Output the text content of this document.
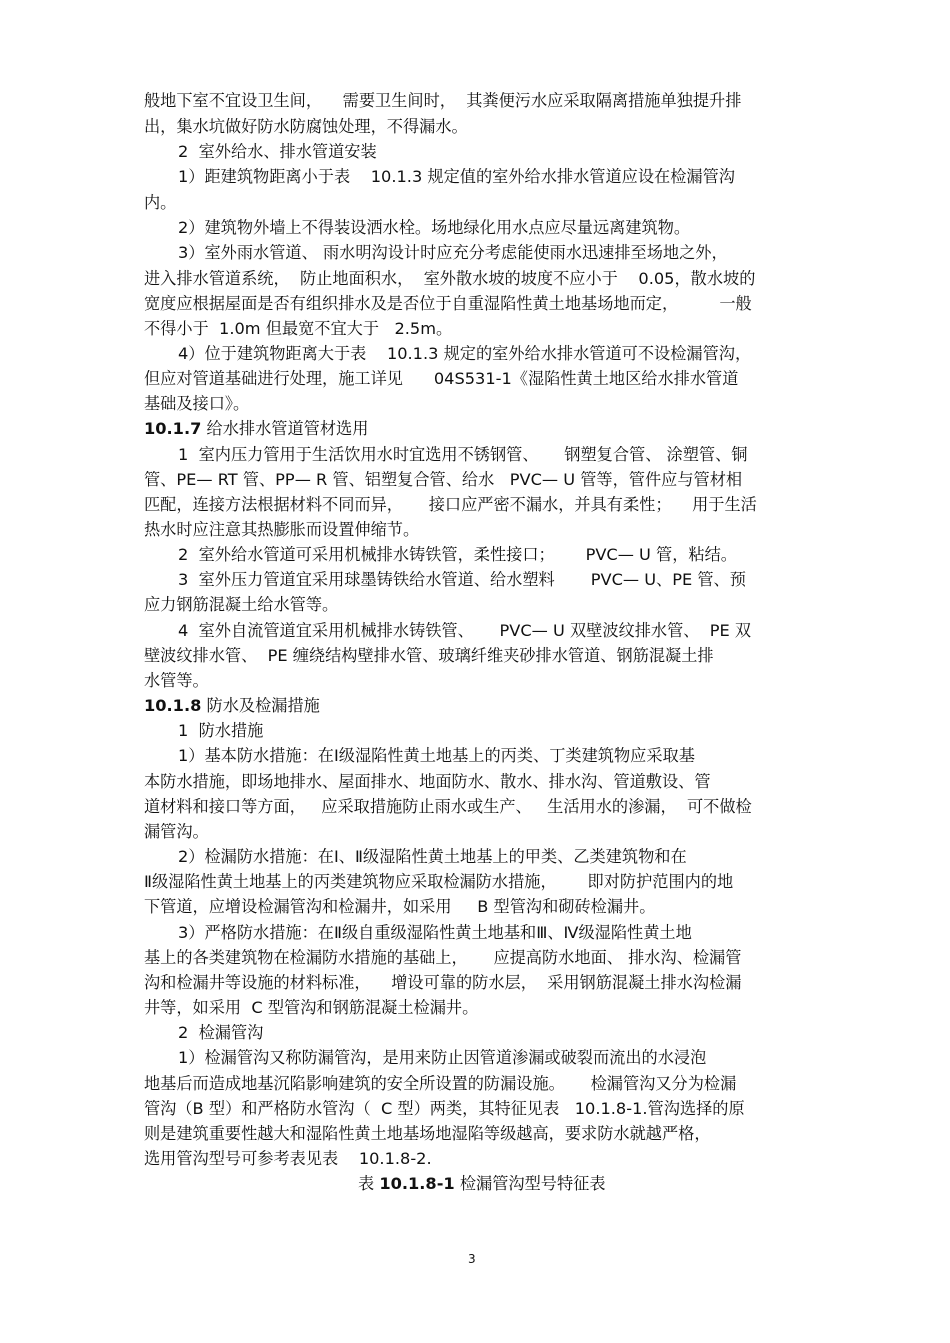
般地下室不宜设卫生间，    需要卫生间时，  其粪便污水应采取隔离措施单独提升排
出，集水坑做好防水防腐蚀处理，不得漏水。
2  室外给水、排水管道安装
1）距建筑物距离小于表    10.1.3 规定值的室外给水排水管道应设在检漏管沟
内。
2）建筑物外墙上不得装设洒水栓。场地绿化用水点应尽量远离建筑物。
3）室外雨水管道、 雨水明沟设计时应充分考虑能使雨水迅速排至场地之外，
进入排水管道系统，  防止地面积水，  室外散水坡的坡度不应小于    0.05，散水坡的
宽度应根据屋面是否有组织排水及是否位于自重湿陷性黄土地基场地而定，        一般
不得小于  1.0m 但最宽不宜大于   2.5m。
4）位于建筑物距离大于表    10.1.3 规定的室外给水排水管道可不设检漏管沟，
但应对管道基础进行处理，施工详见      04S531-1《湿陷性黄土地区给水排水管道
基础及接口》。
10.1.7 给水排水管道管材选用
1  室内压力管用于生活饮用水时宜选用不锈钢管、     钢塑复合管、 涂塑管、铜
管、PE— RT 管、PP— R 管、铝塑复合管、给水   PVC— U 管等，管件应与管材相
匹配，连接方法根据材料不同而异，     接口应严密不漏水，并具有柔性；    用于生活
热水时应注意其热膨胀而设置伸缩节。
2  室外给水管道可采用机械排水铸铁管，柔性接口；      PVC— U 管，粘结。
3  室外压力管道宜采用球墨铸铁给水管道、给水塑料       PVC— U、PE 管、预
应力钢筋混凝土给水管等。
4  室外自流管道宜采用机械排水铸铁管、     PVC— U 双壁波纹排水管、  PE 双
壁波纹排水管、  PE 缠绕结构壁排水管、玻璃纤维夹砂排水管道、钢筋混凝土排
水管等。
10.1.8 防水及检漏措施
1  防水措施
1）基本防水措施：在Ⅰ级湿陷性黄土地基上的丙类、丁类建筑物应采取基
本防水措施，即场地排水、屋面排水、地面防水、散水、排水沟、管道敷设、管
道材料和接口等方面，   应采取措施防止雨水或生产、   生活用水的渗漏，  可不做检
漏管沟。
2）检漏防水措施：在Ⅰ、Ⅱ级湿陷性黄土地基上的甲类、乙类建筑物和在
Ⅱ级湿陷性黄土地基上的丙类建筑物应采取检漏防水措施，      即对防护范围内的地
下管道，应增设检漏管沟和检漏井，如采用     B 型管沟和砌砖检漏井。
3）严格防水措施：在Ⅱ级自重级湿陷性黄土地基和Ⅲ、Ⅳ级湿陷性黄土地
基上的各类建筑物在检漏防水措施的基础上，     应提高防水地面、 排水沟、检漏管
沟和检漏井等设施的材料标准，    增设可靠的防水层，  采用钢筋混凝土排水沟检漏
井等，如采用  C 型管沟和钢筋混凝土检漏井。
2  检漏管沟
1）检漏管沟又称防漏管沟，是用来防止因管道渗漏或破裂而流出的水浸泡
地基后而造成地基沉陷影响建筑的安全所设置的防漏设施。     检漏管沟又分为检漏
管沟（B 型）和严格防水管沟（  C 型）两类，其特征见表   10.1.8-1.管沟选择的原
则是建筑重要性越大和湿陷性黄土地基场地湿陷等级越高，要求防水就越严格，
选用管沟型号可参考表见表    10.1.8-2.
表 10.1.8-1 检漏管沟型号特征表
3
